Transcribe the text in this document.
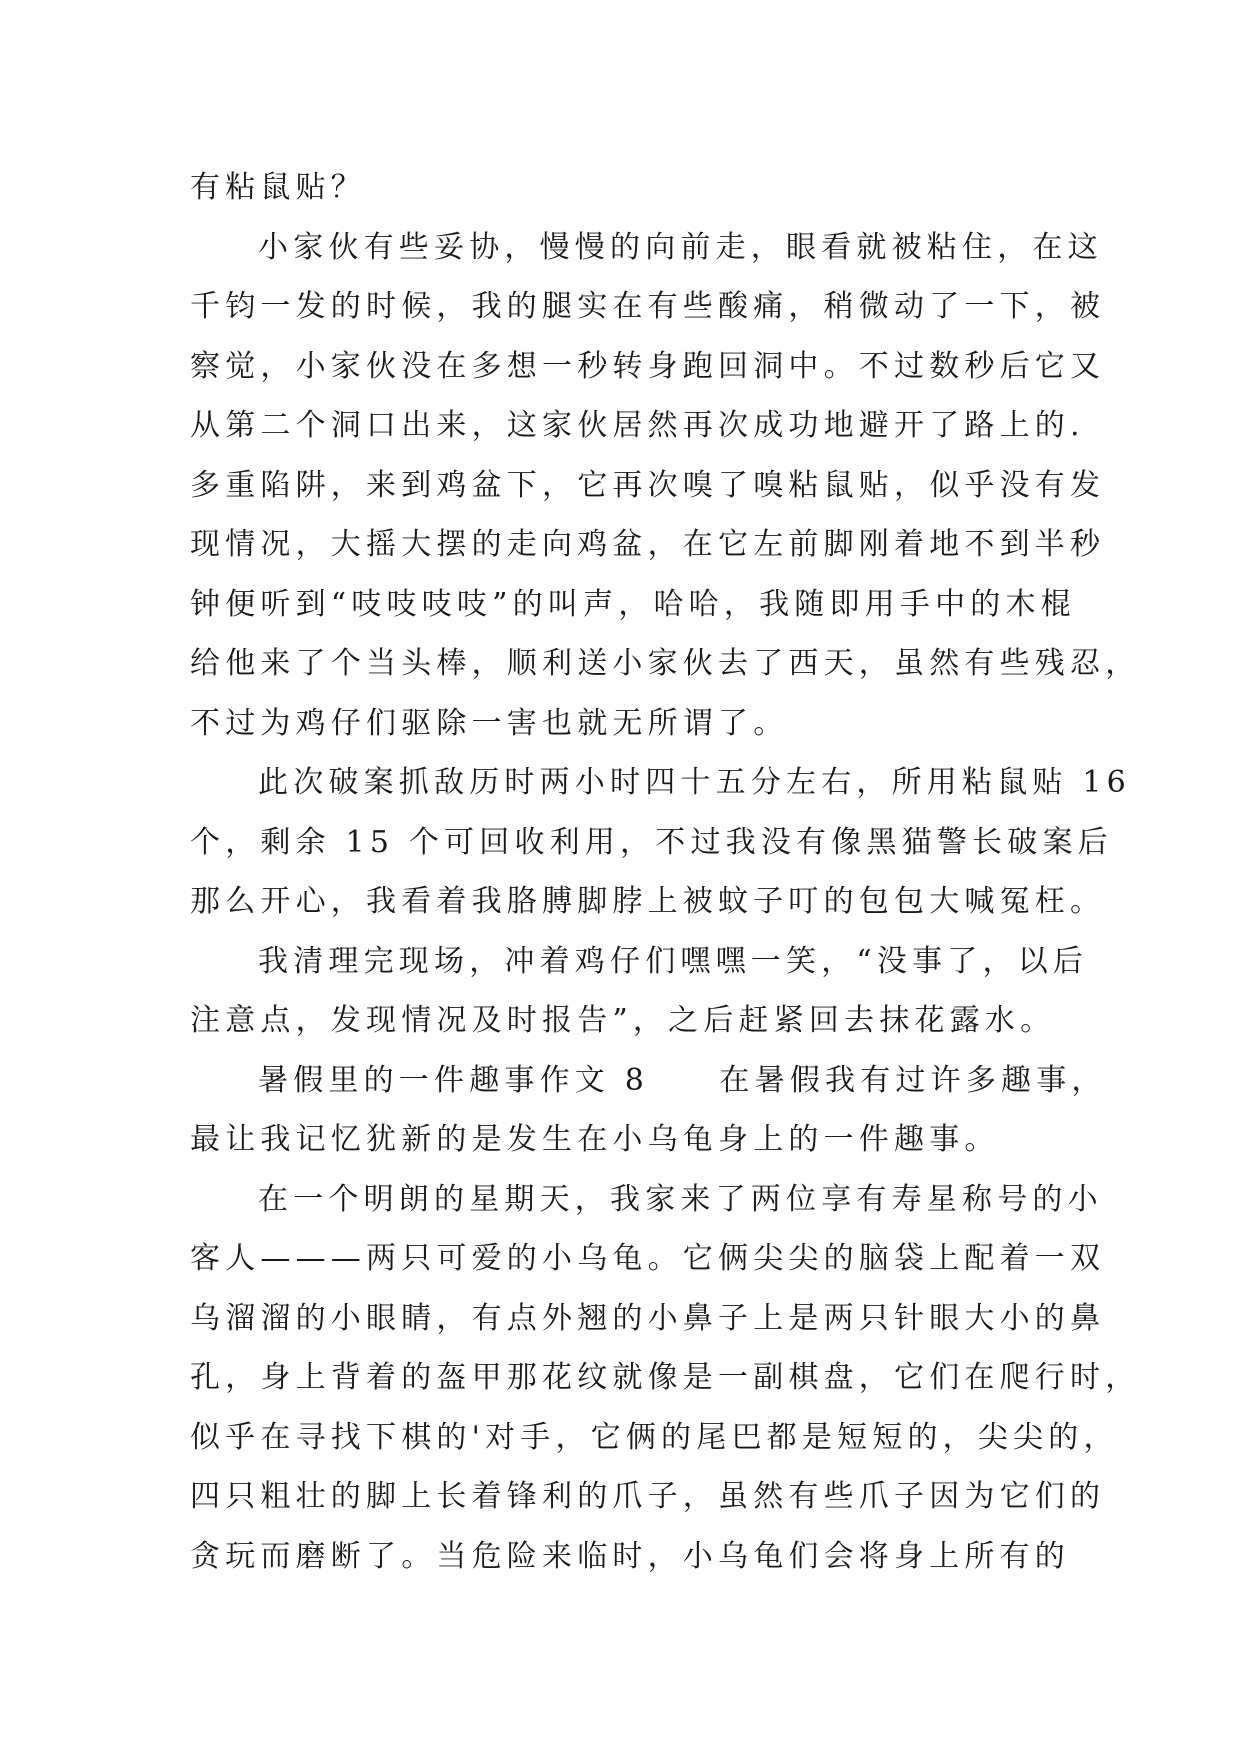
有粘鼠贴？
小家伙有些妥协，慢慢的向前走，眼看就被粘住，在这
千钧一发的时候，我的腿实在有些酸痛，稍微动了一下，被
察觉，小家伙没在多想一秒转身跑回洞中。不过数秒后它又
从第二个洞口出来，这家伙居然再次成功地避开了路上的.
多重陷阱，来到鸡盆下，它再次嗅了嗅粘鼠贴，似乎没有发
现情况，大摇大摆的走向鸡盆，在它左前脚刚着地不到半秒
钟便听到“吱吱吱吱”的叫声，哈哈，我随即用手中的木棍
给他来了个当头棒，顺利送小家伙去了西天，虽然有些残忍，
不过为鸡仔们驱除一害也就无所谓了。
此次破案抓敌历时两小时四十五分左右，所用粘鼠贴 16
个，剩余 15 个可回收利用，不过我没有像黑猫警长破案后
那么开心，我看着我胳膊脚脖上被蚊子叮的包包大喊冤枉。
我清理完现场，冲着鸡仔们嘿嘿一笑，“没事了，以后
注意点，发现情况及时报告”，之后赶紧回去抹花露水。
暑假里的一件趣事作文 8　　在暑假我有过许多趣事，
最让我记忆犹新的是发生在小乌龟身上的一件趣事。
在一个明朗的星期天，我家来了两位享有寿星称号的小
客人———两只可爱的小乌龟。它俩尖尖的脑袋上配着一双
乌溜溜的小眼睛，有点外翘的小鼻子上是两只针眼大小的鼻
孔，身上背着的盔甲那花纹就像是一副棋盘，它们在爬行时，
似乎在寻找下棋的'对手，它俩的尾巴都是短短的，尖尖的，
四只粗壮的脚上长着锋利的爪子，虽然有些爪子因为它们的
贪玩而磨断了。当危险来临时，小乌龟们会将身上所有的
